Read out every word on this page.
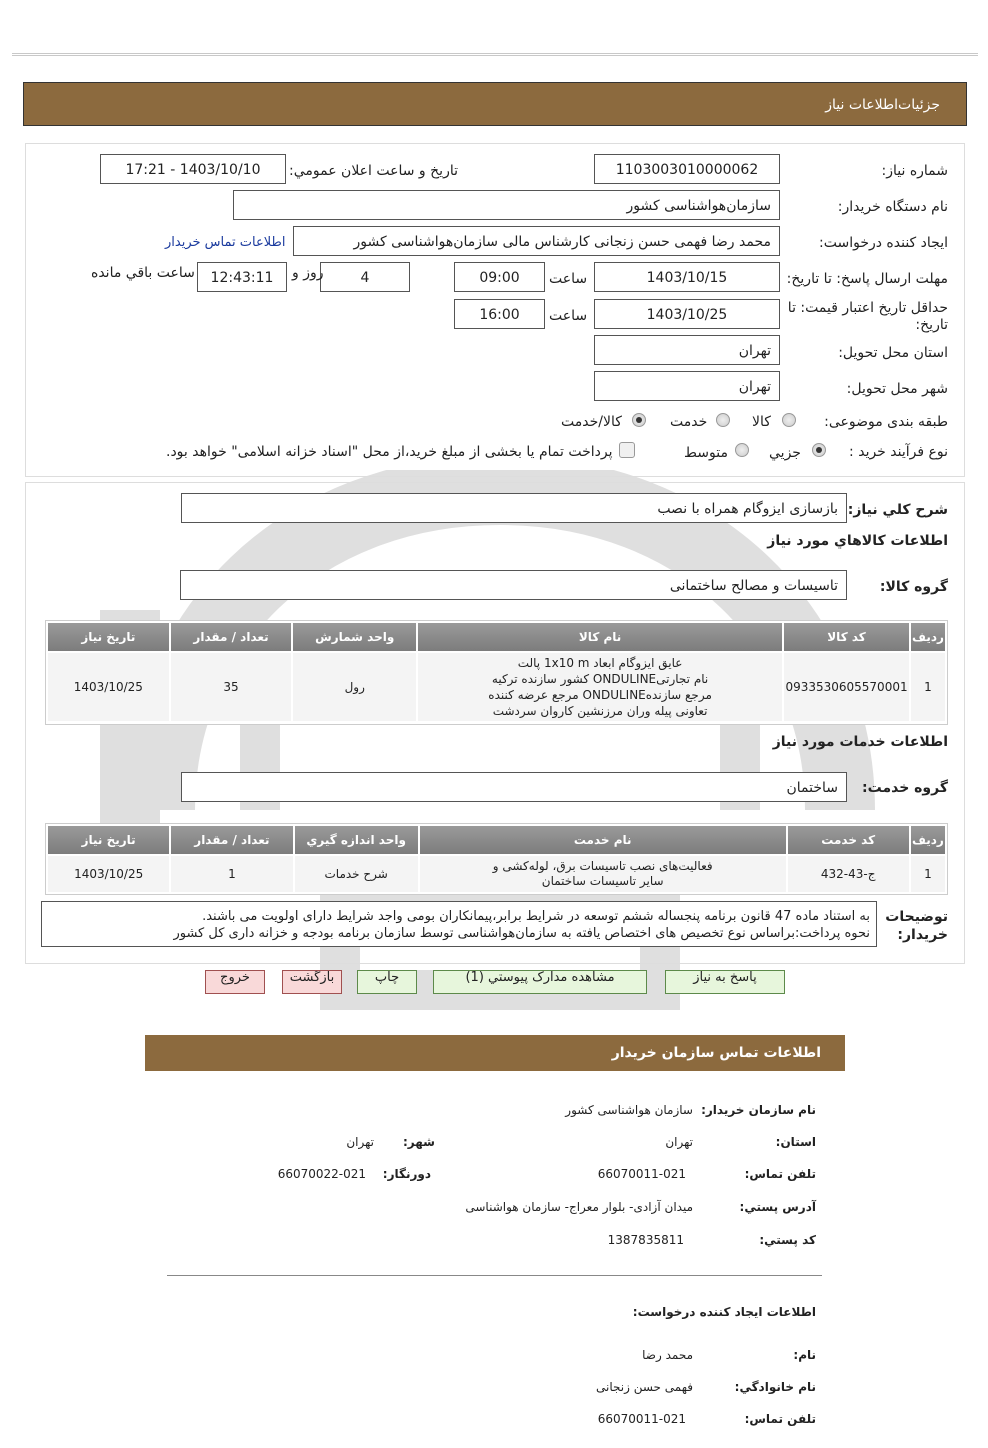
جزئيات‌اطلاعات نياز
شماره نیاز:
1103003010000062
تاريخ و ساعت اعلان عمومي:
1403/10/10 - 17:21
نام دستگاه خريدار:
سازمان‌هواشناسی کشور
ايجاد كننده درخواست:
محمد رضا فهمی حسن زنجانی کارشناس مالی سازمان‌هواشناسی کشور
اطلاعات تماس خريدار
مهلت ارسال پاسخ: تا تاریخ:
1403/10/15
ساعت
09:00
4
روز و
12:43:11
ساعت باقي مانده
حداقل تاريخ اعتبار قيمت: تا تاریخ:
1403/10/25
ساعت
16:00
استان محل تحويل:
تهران
شهر محل تحويل:
تهران
طبقه بندی موضوعی:
کالا
خدمت
کالا/خدمت
نوع فرآيند خريد :
جزيي
متوسط
پرداخت تمام يا بخشی از مبلغ خريد،از محل "اسناد خزانه اسلامی" خواهد بود.
شرح كلي نياز:
بازسازی ایزوگام همراه با نصب
اطلاعات كالاهاي مورد نياز
گروه كالا:
تاسیسات و مصالح ساختمانی
رديف	كد كالا	نام كالا	واحد شمارش	تعداد / مقدار	تاريخ نياز
1	0933530605570001	عایق ایزوگام ابعاد 1x10 m پالت
نام تجارتیONDULINE کشور سازنده ترکیه
مرجع سازندهONDULINE مرجع عرضه کننده
تعاونی پیله وران مرزنشین کاروان سردشت	رول	35	1403/10/25
اطلاعات خدمات مورد نياز
گروه خدمت:
ساختمان
رديف	كد خدمت	نام خدمت	واحد اندازه گيري	تعداد / مقدار	تاريخ نياز
1	ج-43-432	فعالیت‌های نصب تاسیسات برق، لوله‌کشی و
سایر تاسیسات ساختمان	شرح خدمات	1	1403/10/25
توضيحات
خريدار:
به استناد ماده 47 قانون برنامه پنجساله ششم توسعه در شرایط برابر،پیمانکاران بومی واجد شرایط دارای اولویت می باشند.
نحوه پرداخت:براساس نوع تخصیص های اختصاص یافته به سازمان‌هواشناسی توسط سازمان برنامه بودجه و خزانه داری کل کشور
پاسخ به نياز
مشاهده مدارک پیوستي (1)
چاپ
بازگشت
خروج
اطلاعات تماس سازمان خريدار
نام سازمان خريدار:
سازمان هواشناسی کشور
استان:
تهران
شهر:
تهران
تلفن تماس:
66070011-021
دورنگار:
66070022-021
آدرس پستي:
میدان آزادی- بلوار معراج- سازمان هواشناسی
کد پستي:
1387835811
اطلاعات ايجاد كننده درخواست:
نام:
محمد رضا
نام خانوادگي:
فهمی حسن زنجانی
تلفن تماس:
66070011-021
